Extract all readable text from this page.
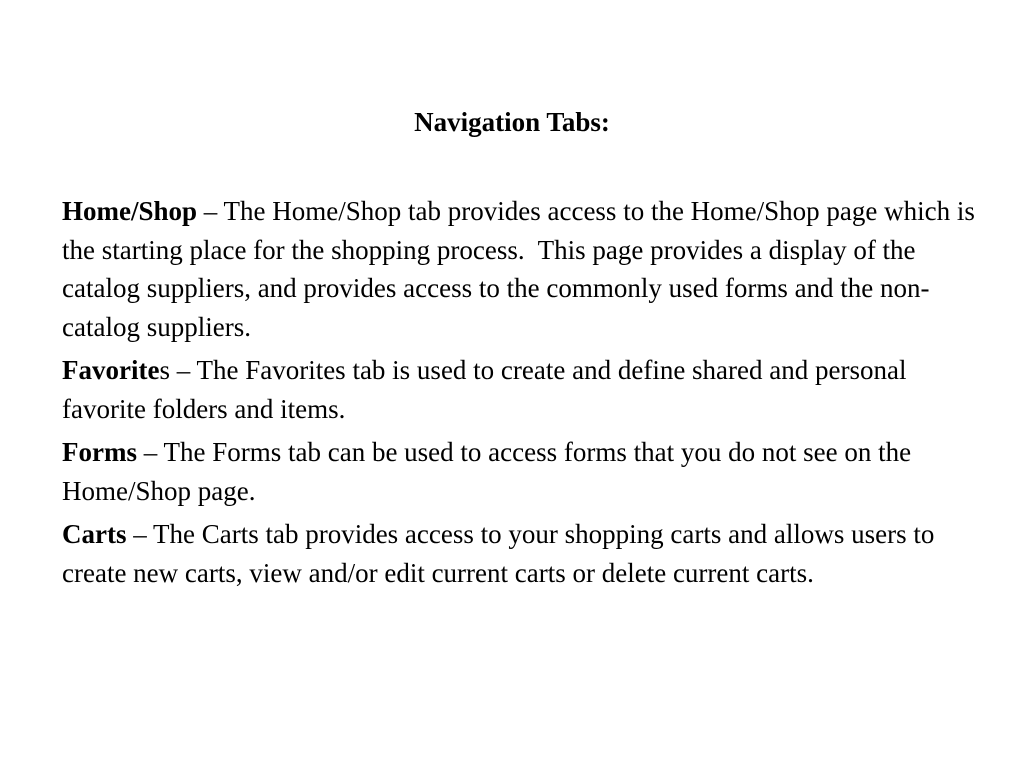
Navigation Tabs:

Home/Shop – The Home/Shop tab provides access to the Home/Shop page which is the starting place for the shopping process.  This page provides a display of the catalog suppliers, and provides access to the commonly used forms and the non-catalog suppliers.

Favorites – The Favorites tab is used to create and define shared and personal favorite folders and items.

Forms – The Forms tab can be used to access forms that you do not see on the Home/Shop page.

Carts – The Carts tab provides access to your shopping carts and allows users to create new carts, view and/or edit current carts or delete current carts.
